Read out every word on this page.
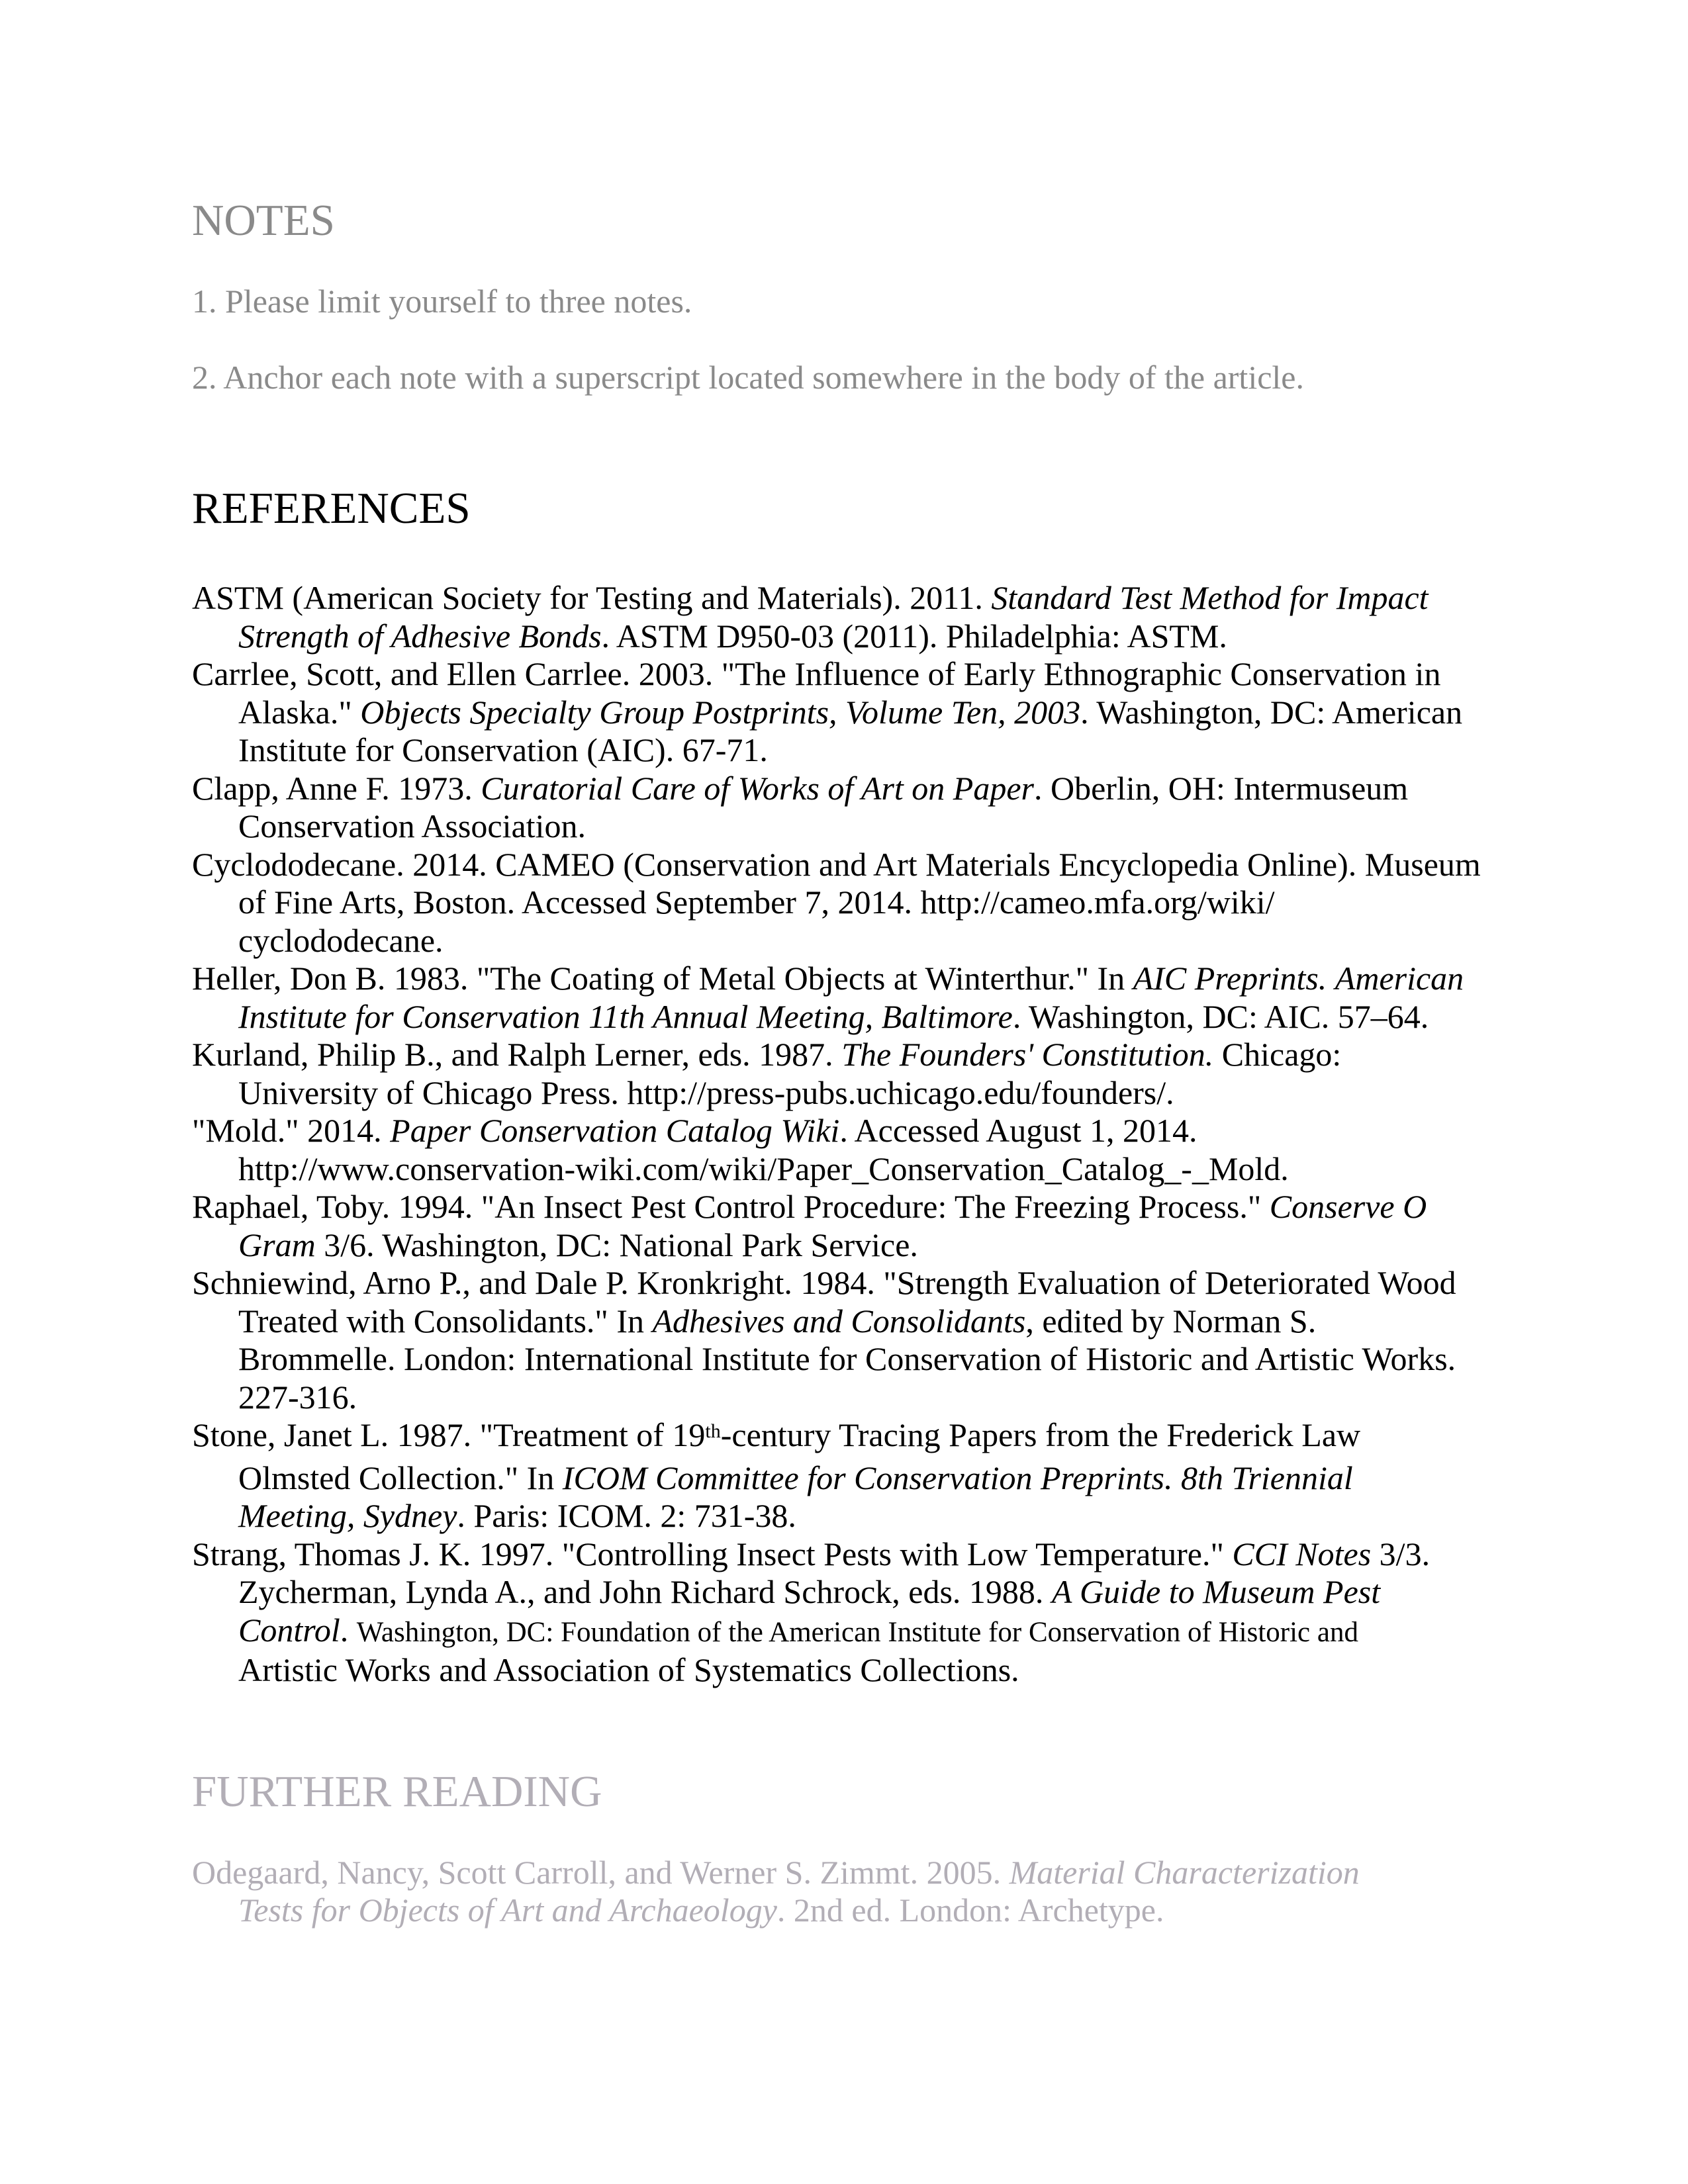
NOTES

1. Please limit yourself to three notes.

2. Anchor each note with a superscript located somewhere in the body of the article.

REFERENCES
ASTM (American Society for Testing and Materials). 2011. Standard Test Method for Impact
Strength of Adhesive Bonds. ASTM D950-03 (2011). Philadelphia: ASTM.
Carrlee, Scott, and Ellen Carrlee. 2003. "The Influence of Early Ethnographic Conservation in
Alaska." Objects Specialty Group Postprints, Volume Ten, 2003. Washington, DC: American
Institute for Conservation (AIC). 67-71.
Clapp, Anne F. 1973. Curatorial Care of Works of Art on Paper. Oberlin, OH: Intermuseum
Conservation Association.
Cyclododecane. 2014. CAMEO (Conservation and Art Materials Encyclopedia Online). Museum
of Fine Arts, Boston. Accessed September 7, 2014. http://cameo.mfa.org/wiki/
cyclododecane.
Heller, Don B. 1983. "The Coating of Metal Objects at Winterthur." In AIC Preprints. American
Institute for Conservation 11th Annual Meeting, Baltimore. Washington, DC: AIC. 57–64.
Kurland, Philip B., and Ralph Lerner, eds. 1987. The Founders' Constitution. Chicago:
University of Chicago Press. http://press-pubs.uchicago.edu/founders/.
"Mold." 2014. Paper Conservation Catalog Wiki. Accessed August 1, 2014.
http://www.conservation-wiki.com/wiki/Paper_Conservation_Catalog_-_Mold.
Raphael, Toby. 1994. "An Insect Pest Control Procedure: The Freezing Process." Conserve O
Gram 3/6. Washington, DC: National Park Service.
Schniewind, Arno P., and Dale P. Kronkright. 1984. "Strength Evaluation of Deteriorated Wood
Treated with Consolidants." In Adhesives and Consolidants, edited by Norman S.
Brommelle. London: International Institute for Conservation of Historic and Artistic Works.
227-316.
Stone, Janet L. 1987. "Treatment of 19th-century Tracing Papers from the Frederick Law
Olmsted Collection." In ICOM Committee for Conservation Preprints. 8th Triennial
Meeting, Sydney. Paris: ICOM. 2: 731-38.
Strang, Thomas J. K. 1997. "Controlling Insect Pests with Low Temperature." CCI Notes 3/3.
Zycherman, Lynda A., and John Richard Schrock, eds. 1988. A Guide to Museum Pest
Control. Washington, DC: Foundation of the American Institute for Conservation of Historic and
Artistic Works and Association of Systematics Collections.
FURTHER READING
Odegaard, Nancy, Scott Carroll, and Werner S. Zimmt. 2005. Material Characterization
Tests for Objects of Art and Archaeology. 2nd ed. London: Archetype.
